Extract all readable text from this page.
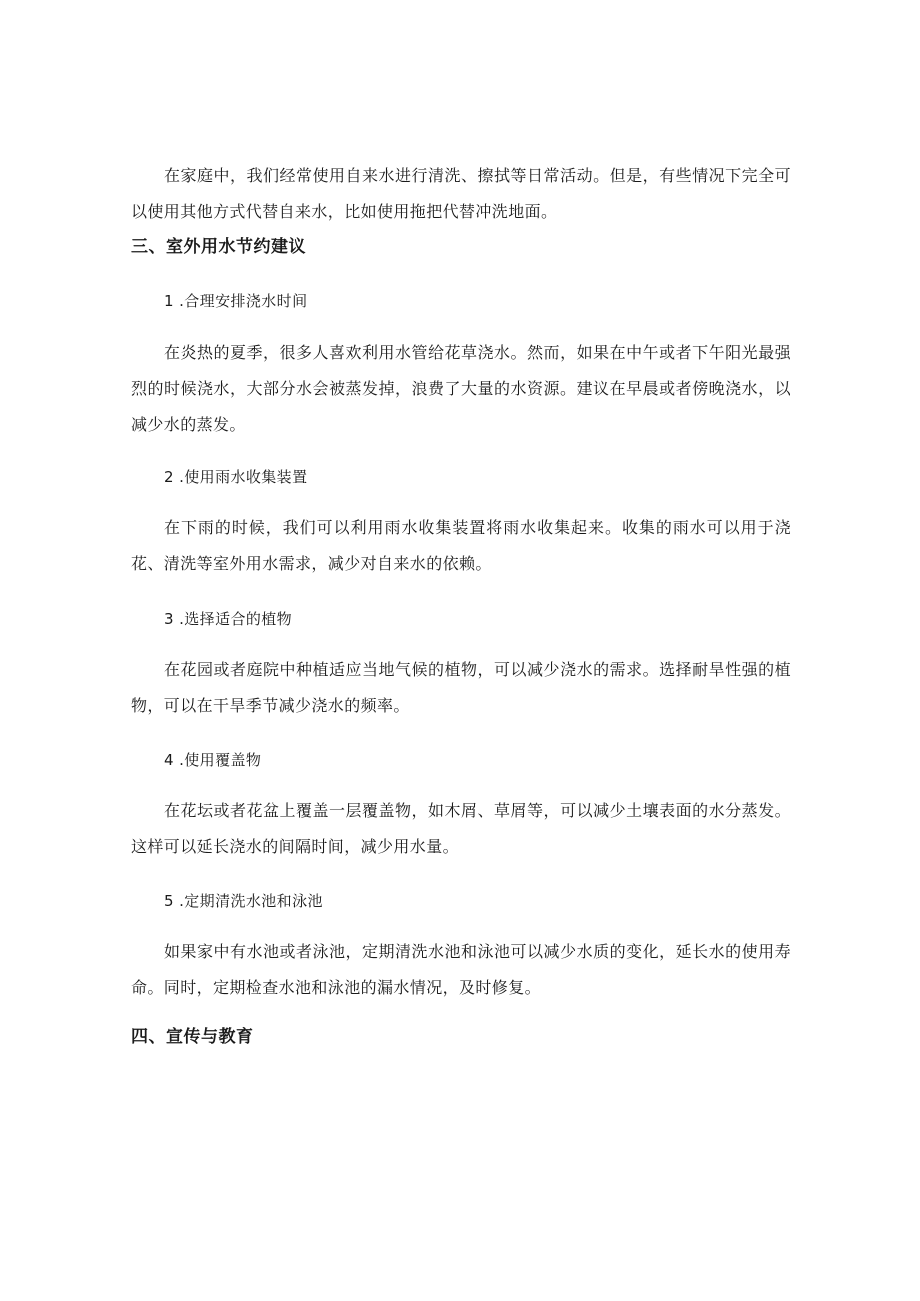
在家庭中，我们经常使用自来水进行清洗、擦拭等日常活动。但是，有些情况下完全可以使用其他方式代替自来水，比如使用拖把代替冲洗地面。

三、室外用水节约建议
1 .合理安排浇水时间

在炎热的夏季，很多人喜欢利用水管给花草浇水。然而，如果在中午或者下午阳光最强烈的时候浇水，大部分水会被蒸发掉，浪费了大量的水资源。建议在早晨或者傍晚浇水，以减少水的蒸发。

2 .使用雨水收集装置

在下雨的时候，我们可以利用雨水收集装置将雨水收集起来。收集的雨水可以用于浇花、清洗等室外用水需求，减少对自来水的依赖。

3 .选择适合的植物

在花园或者庭院中种植适应当地气候的植物，可以减少浇水的需求。选择耐旱性强的植物，可以在干旱季节减少浇水的频率。

4 .使用覆盖物

在花坛或者花盆上覆盖一层覆盖物，如木屑、草屑等，可以减少土壤表面的水分蒸发。这样可以延长浇水的间隔时间，减少用水量。

5 .定期清洗水池和泳池

如果家中有水池或者泳池，定期清洗水池和泳池可以减少水质的变化，延长水的使用寿命。同时，定期检查水池和泳池的漏水情况，及时修复。

四、宣传与教育
